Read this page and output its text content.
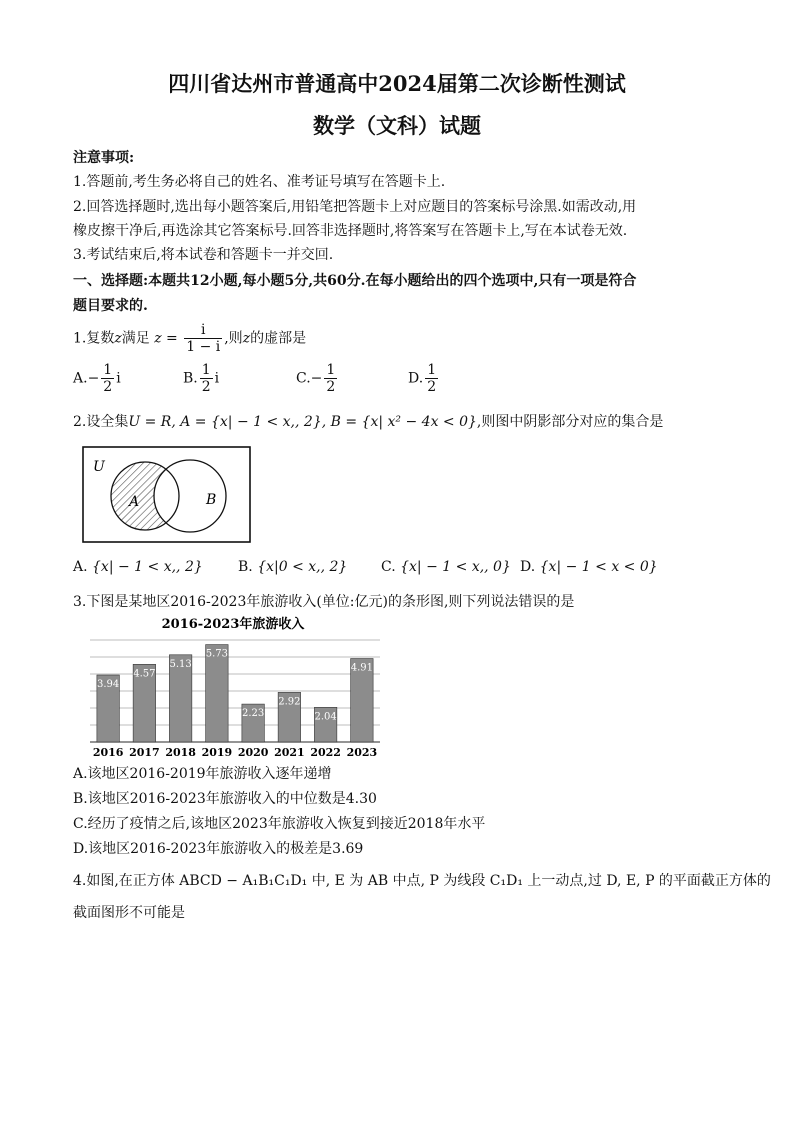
四川省达州市普通高中2024届第二次诊断性测试
数学（文科）试题
注意事项:
1.答题前,考生务必将自己的姓名、准考证号填写在答题卡上.
2.回答选择题时,选出每小题答案后,用铅笔把答题卡上对应题目的答案标号涂黑.如需改动,用
橡皮擦干净后,再选涂其它答案标号.回答非选择题时,将答案写在答题卡上,写在本试卷无效.
3.考试结束后,将本试卷和答题卡一并交回.
一、选择题:本题共12小题,每小题5分,共60分.在每小题给出的四个选项中,只有一项是符合
题目要求的.
1.复数z满足 $z = \frac{i}{1 - i}$ ,则z的虚部是
$A.- \frac{1}{2}$ i	B. $\frac{1}{2}$ i	$C.- \frac{1}{2}$	D. $\frac{1}{2}$
2.设全集U = R, A = {x| − 1 < x,, 2}, B = {x| x² − 4x < 0},则图中阴影部分对应的集合是
U
A	B
A. {x| − 1 < x,, 2}	B. {x|0 < x,, 2} C. {x| − 1 < x,, 0} D. {x| − 1 < x < 0}
3.下图是某地区2016-2023年旅游收入(单位:亿元)的条形图,则下列说法错误的是
2016-2023年旅游收入
3.94
4.57
5.13
5.73
2.23
2.92
2.04
4.91
2016 2017 2018 2019 2020 2021 2022 2023
A.该地区2016-2019年旅游收入逐年递增
B.该地区2016-2023年旅游收入的中位数是4.30
C.经历了疫情之后,该地区2023年旅游收入恢复到接近2018年水平
D.该地区2016-2023年旅游收入的极差是3.69
4.如图,在正方体 ABCD − A₁B₁C₁D₁ 中, E 为 AB 中点, P 为线段 C₁D₁ 上一动点,过 D, E, P 的平面截正方体的
截面图形不可能是
